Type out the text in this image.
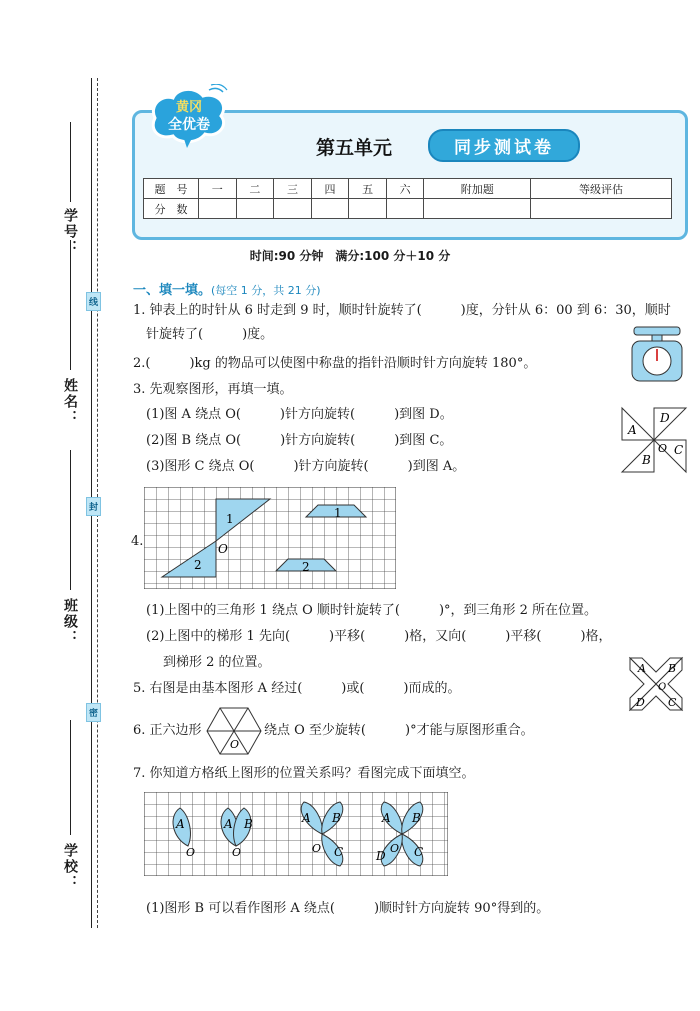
学校：
班级：
姓名：
学号：
线
封
密
黄冈
全优卷
第五单元	同步测试卷
题　号	一	二	三	四	五	六	附加题	等级评估
分　数								
时间:90 分钟　满分:100 分＋10 分
一、填一填。(每空 1 分，共 21 分)
1. 钟表上的时针从 6 时走到 9 时，顺时针旋转了(　　　)度，分针从 6：00 到 6：30，顺时
针旋转了(　　　)度。
2.(　　　)kg 的物品可以使图中称盘的指针沿顺时针方向旋转 180°。
3. 先观察图形，再填一填。
(1)图 A 绕点 O(　　　)针方向旋转(　　　)到图 D。
(2)图 B 绕点 O(　　　)针方向旋转(　　　)到图 C。
(3)图形 C 绕点 O(　　　)针方向旋转(　　　)到图 A。
A
B
C
D
O
4.
1
2
O
1
2
(1)上图中的三角形 1 绕点 O 顺时针旋转了(　　　)°，到三角形 2 所在位置。
(2)上图中的梯形 1 先向(　　　)平移(　　　)格，又向(　　　)平移(　　　)格，
到梯形 2 的位置。
5. 右图是由基本图形 A 经过(　　　)或(　　　)而成的。
A B
O
D C
6. 正六边形
O
绕点 O 至少旋转(　　　)°才能与原图形重合。
7. 你知道方格纸上图形的位置关系吗？看图完成下面填空。
A
O
A B
O
A B
C
O
A B
C
D
O
(1)图形 B 可以看作图形 A 绕点(　　　)顺时针方向旋转 90°得到的。
